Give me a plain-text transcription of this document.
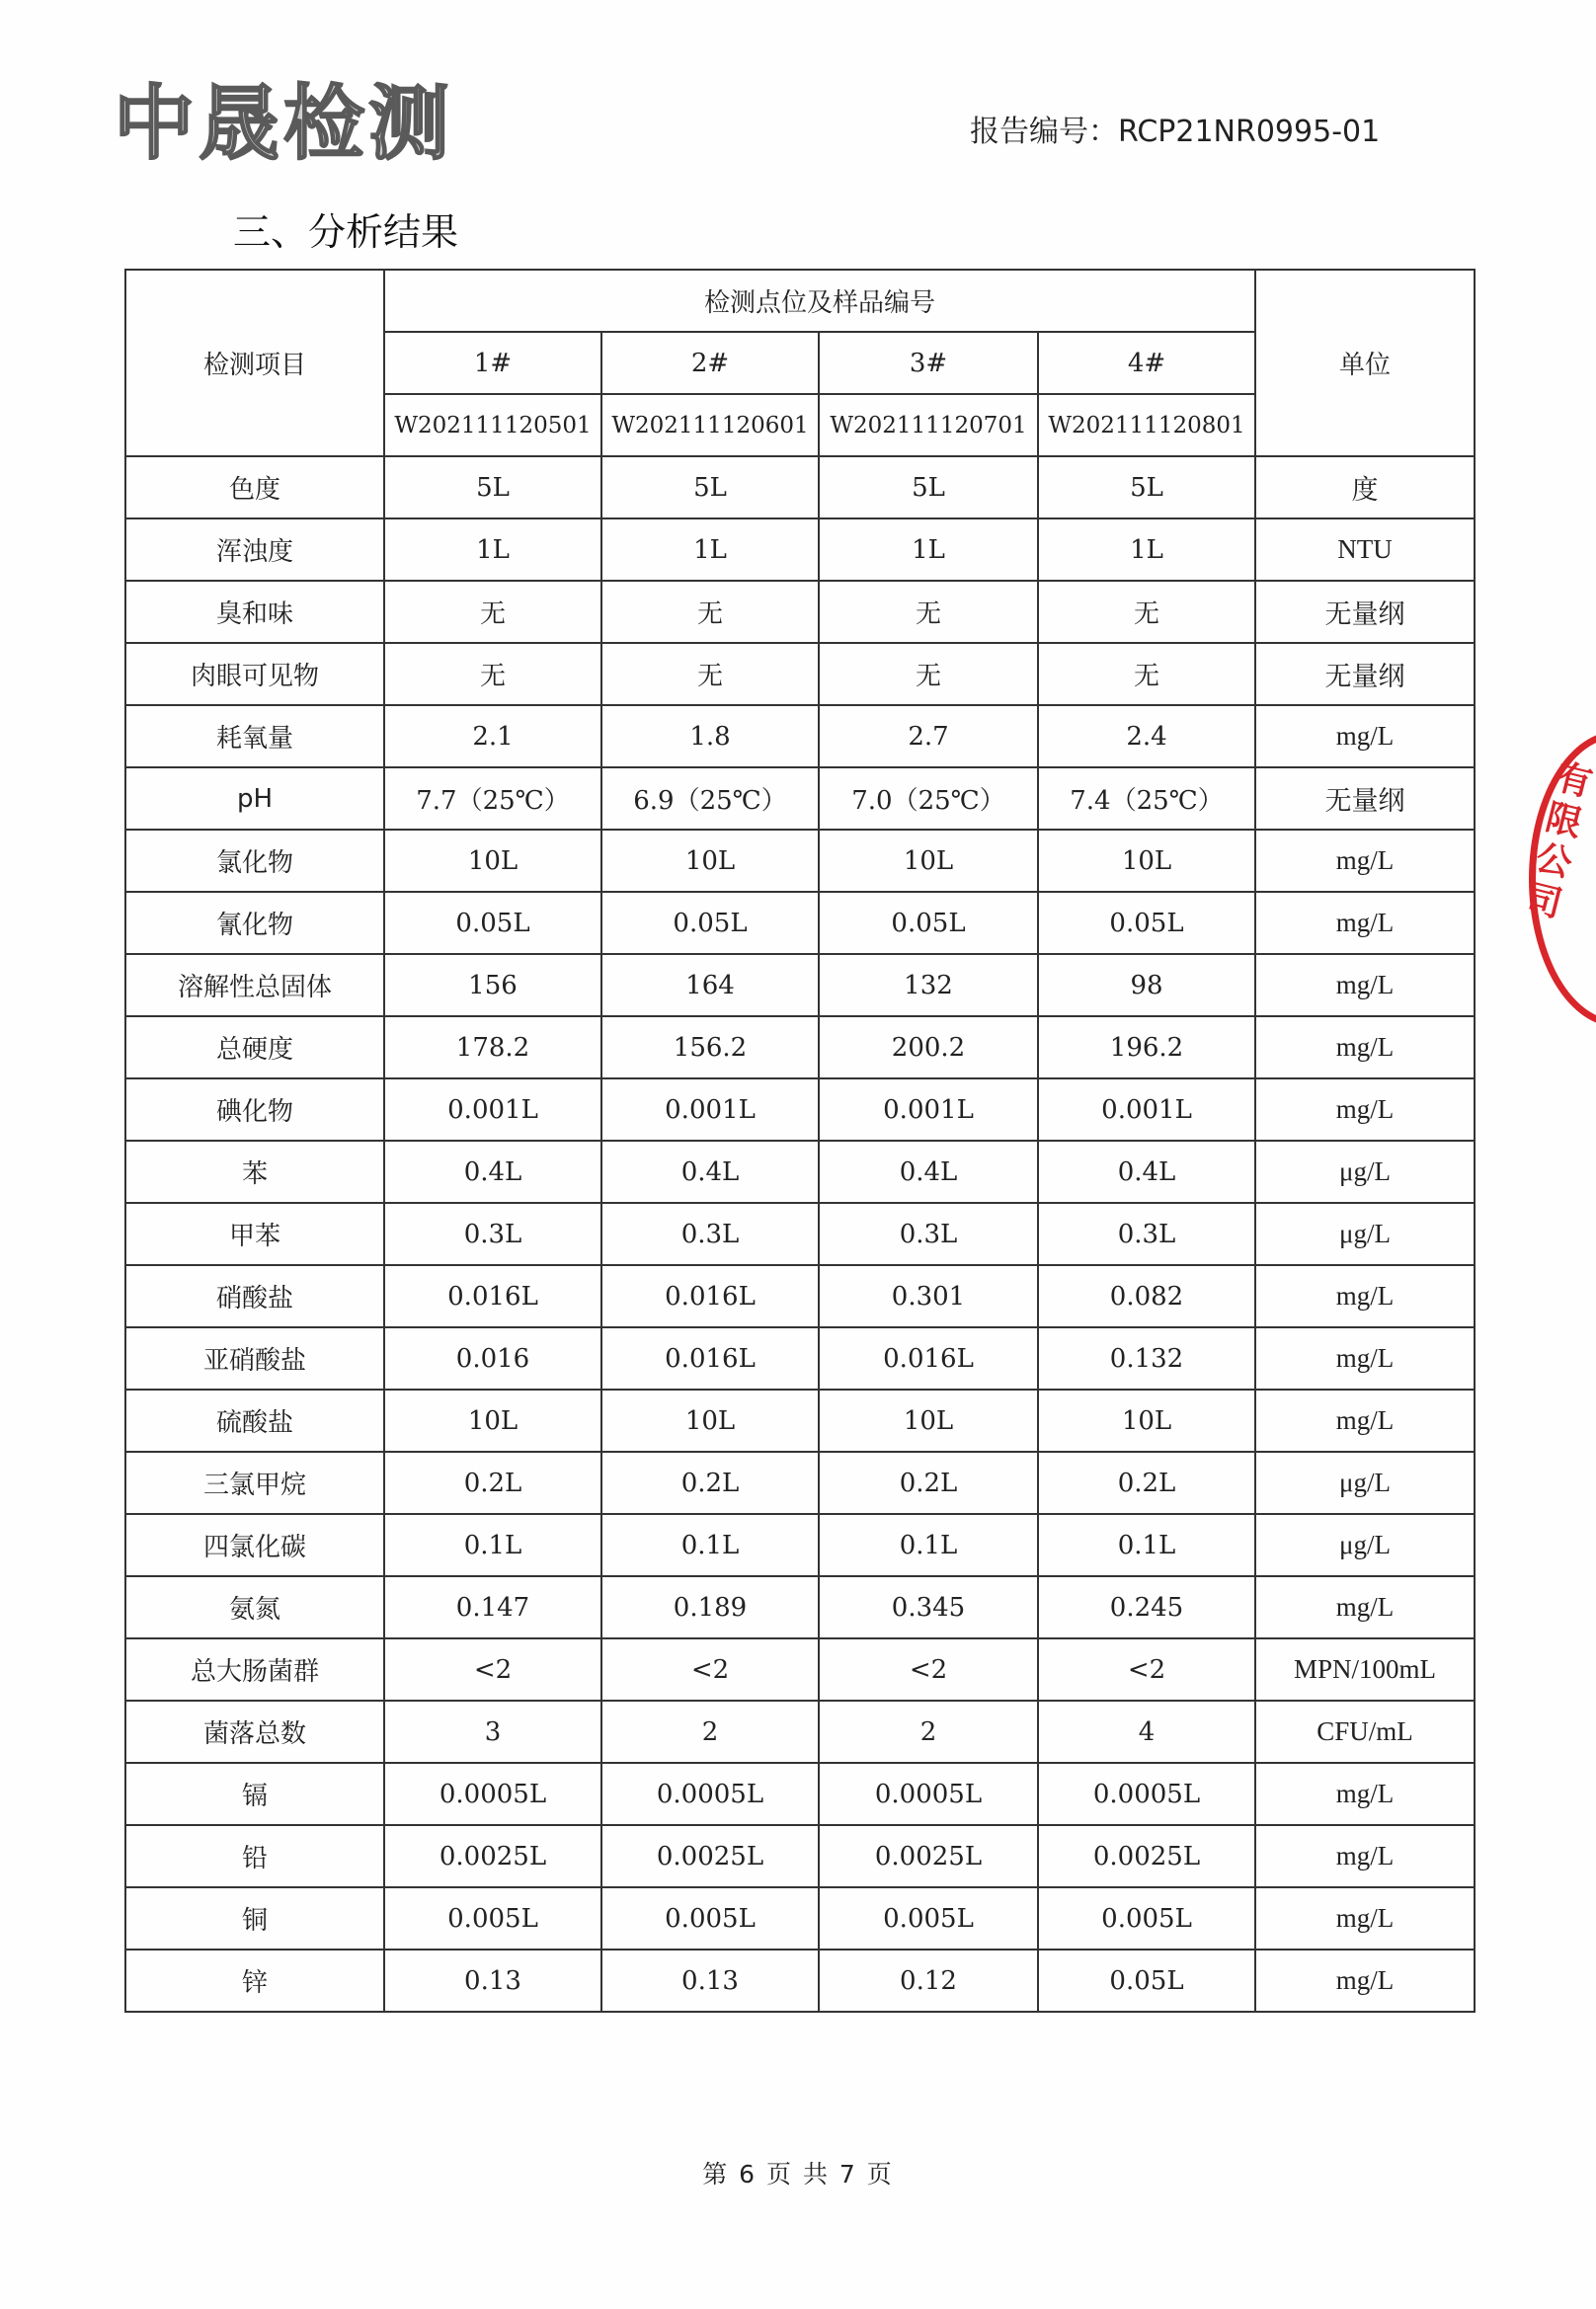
中晟检测	报告编号：RCP21NR0995-01
三、分析结果
检测项目	检测点位及样品编号				单位
	1#	2#	3#	4#	
	W202111120501	W202111120601	W202111120701	W202111120801	
色度	5L	5L	5L	5L	度
浑浊度	1L	1L	1L	1L	NTU
臭和味	无	无	无	无	无量纲
肉眼可见物	无	无	无	无	无量纲
耗氧量	2.1	1.8	2.7	2.4	mg/L
pH	7.7（25℃）	6.9（25℃）	7.0（25℃）	7.4（25℃）	无量纲
氯化物	10L	10L	10L	10L	mg/L
氰化物	0.05L	0.05L	0.05L	0.05L	mg/L
溶解性总固体	156	164	132	98	mg/L
总硬度	178.2	156.2	200.2	196.2	mg/L
碘化物	0.001L	0.001L	0.001L	0.001L	mg/L
苯	0.4L	0.4L	0.4L	0.4L	μg/L
甲苯	0.3L	0.3L	0.3L	0.3L	μg/L
硝酸盐	0.016L	0.016L	0.301	0.082	mg/L
亚硝酸盐	0.016	0.016L	0.016L	0.132	mg/L
硫酸盐	10L	10L	10L	10L	mg/L
三氯甲烷	0.2L	0.2L	0.2L	0.2L	μg/L
四氯化碳	0.1L	0.1L	0.1L	0.1L	μg/L
氨氮	0.147	0.189	0.345	0.245	mg/L
总大肠菌群	<2	<2	<2	<2	MPN/100mL
菌落总数	3	2	2	4	CFU/mL
镉	0.0005L	0.0005L	0.0005L	0.0005L	mg/L
铅	0.0025L	0.0025L	0.0025L	0.0025L	mg/L
铜	0.005L	0.005L	0.005L	0.005L	mg/L
锌	0.13	0.13	0.12	0.05L	mg/L
有限公司
第 6 页 共 7 页
